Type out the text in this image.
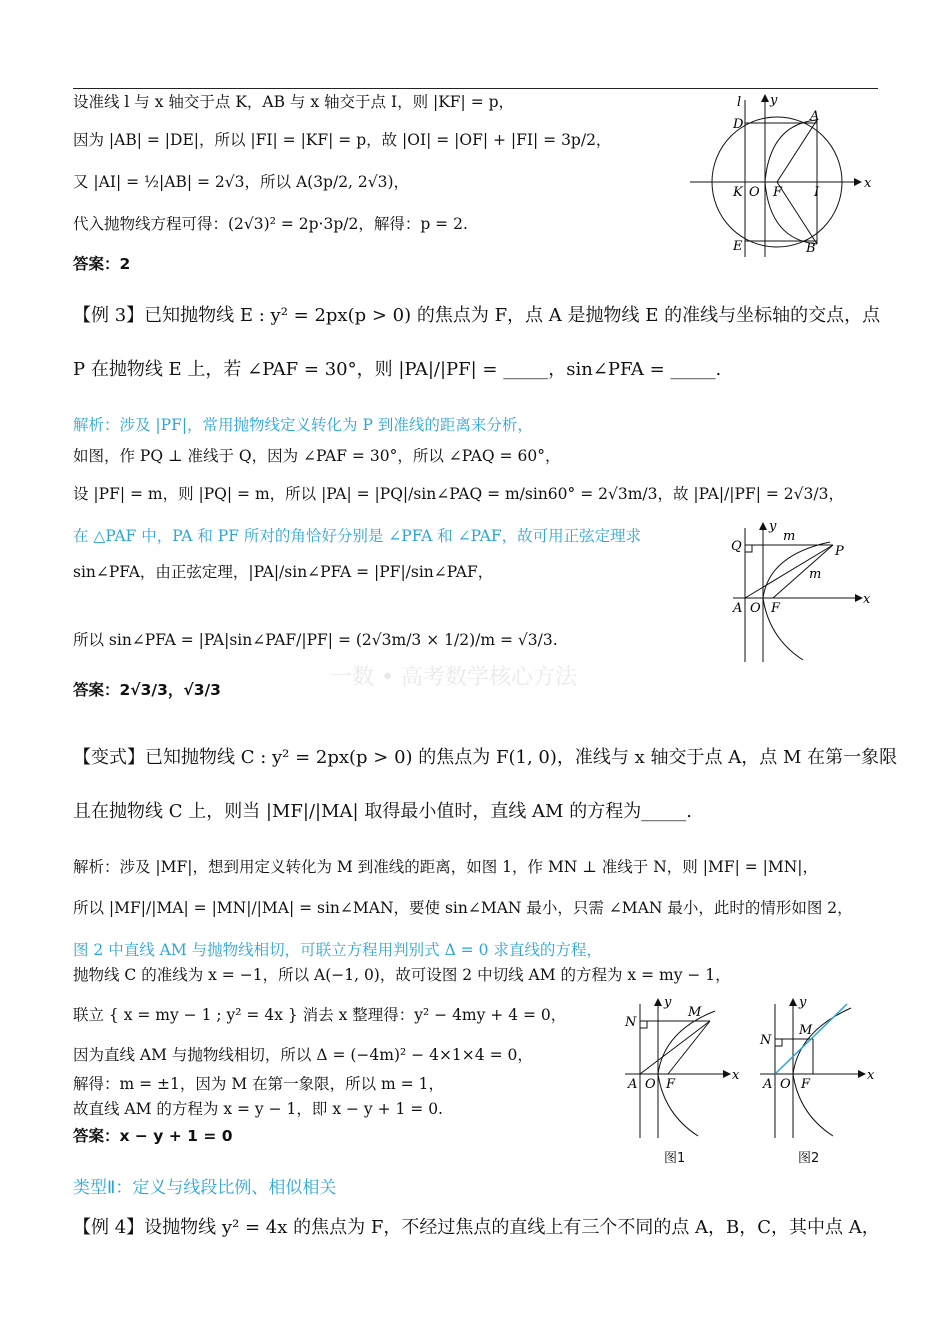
设准线 l 与 x 轴交于点 K，AB 与 x 轴交于点 I，则 |KF| = p，
因为 |AB| = |DE|，所以 |FI| = |KF| = p，故 |OI| = |OF| + |FI| = 3p/2，
又 |AI| = ½|AB| = 2√3，所以 A(3p/2, 2√3)，
代入抛物线方程可得：(2√3)² = 2p·3p/2，解得：p = 2.
答案：2
【例 3】已知抛物线 E : y² = 2px(p > 0) 的焦点为 F，点 A 是抛物线 E 的准线与坐标轴的交点，点
P 在抛物线 E 上，若 ∠PAF = 30°，则 |PA|/|PF| = _____，sin∠PFA = _____.
解析：涉及 |PF|，常用抛物线定义转化为 P 到准线的距离来分析，
如图，作 PQ ⊥ 准线于 Q，因为 ∠PAF = 30°，所以 ∠PAQ = 60°，
设 |PF| = m，则 |PQ| = m，所以 |PA| = |PQ|/sin∠PAQ = m/sin60° = 2√3m/3，故 |PA|/|PF| = 2√3/3，
在 △PAF 中，PA 和 PF 所对的角恰好分别是 ∠PFA 和 ∠PAF，故可用正弦定理求
sin∠PFA，由正弦定理，|PA|/sin∠PFA = |PF|/sin∠PAF，
所以 sin∠PFA = |PA|sin∠PAF/|PF| = (2√3m/3 × 1/2)/m = √3/3.
答案：2√3/3，√3/3	一数 • 高考数学核心方法
【变式】已知抛物线 C : y² = 2px(p > 0) 的焦点为 F(1, 0)，准线与 x 轴交于点 A，点 M 在第一象限
且在抛物线 C 上，则当 |MF|/|MA| 取得最小值时，直线 AM 的方程为_____.
解析：涉及 |MF|，想到用定义转化为 M 到准线的距离，如图 1，作 MN ⊥ 准线于 N，则 |MF| = |MN|，
所以 |MF|/|MA| = |MN|/|MA| = sin∠MAN，要使 sin∠MAN 最小，只需 ∠MAN 最小，此时的情形如图 2，
图 2 中直线 AM 与抛物线相切，可联立方程用判别式 Δ = 0 求直线的方程，
抛物线 C 的准线为 x = −1，所以 A(−1, 0)，故可设图 2 中切线 AM 的方程为 x = my − 1，
联立 { x = my − 1 ; y² = 4x } 消去 x 整理得：y² − 4my + 4 = 0，
因为直线 AM 与抛物线相切，所以 Δ = (−4m)² − 4×1×4 = 0，
解得：m = ±1，因为 M 在第一象限，所以 m = 1，
故直线 AM 的方程为 x = y − 1，即 x − y + 1 = 0.
答案：x − y + 1 = 0
类型Ⅱ：定义与线段比例、相似相关
【例 4】设抛物线 y² = 4x 的焦点为 F，不经过焦点的直线上有三个不同的点 A，B，C，其中点 A，
l y
x
A
B
D
E
K O F I
y
x
Q	P
m
m
A O F
y
x
N
M
A O F
图1
y
x
N
M
A O F
图2
